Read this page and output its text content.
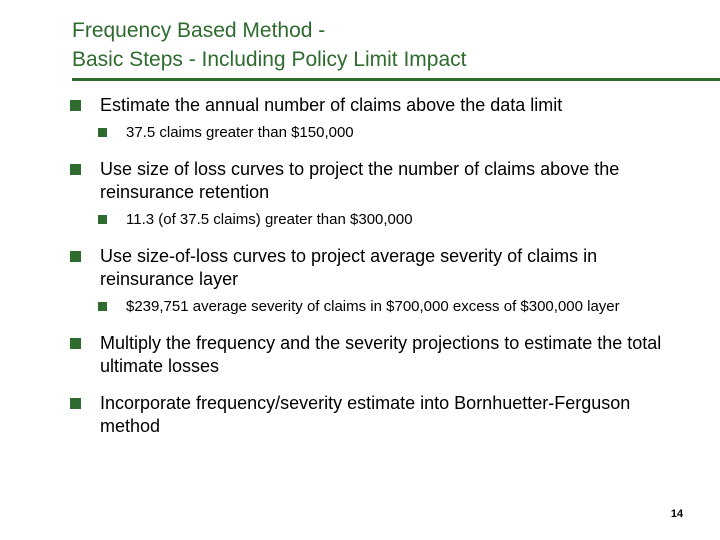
Frequency Based Method -
Basic Steps - Including Policy Limit Impact
Estimate the annual number of claims above the data limit
37.5 claims greater than $150,000
Use size of loss curves to project the number of claims above the reinsurance retention
11.3 (of 37.5 claims) greater than $300,000
Use size-of-loss curves to project average severity of claims in reinsurance layer
$239,751 average severity of claims in $700,000 excess of $300,000 layer
Multiply the frequency and the severity projections to estimate the total ultimate losses
Incorporate frequency/severity estimate into Bornhuetter-Ferguson method
14
